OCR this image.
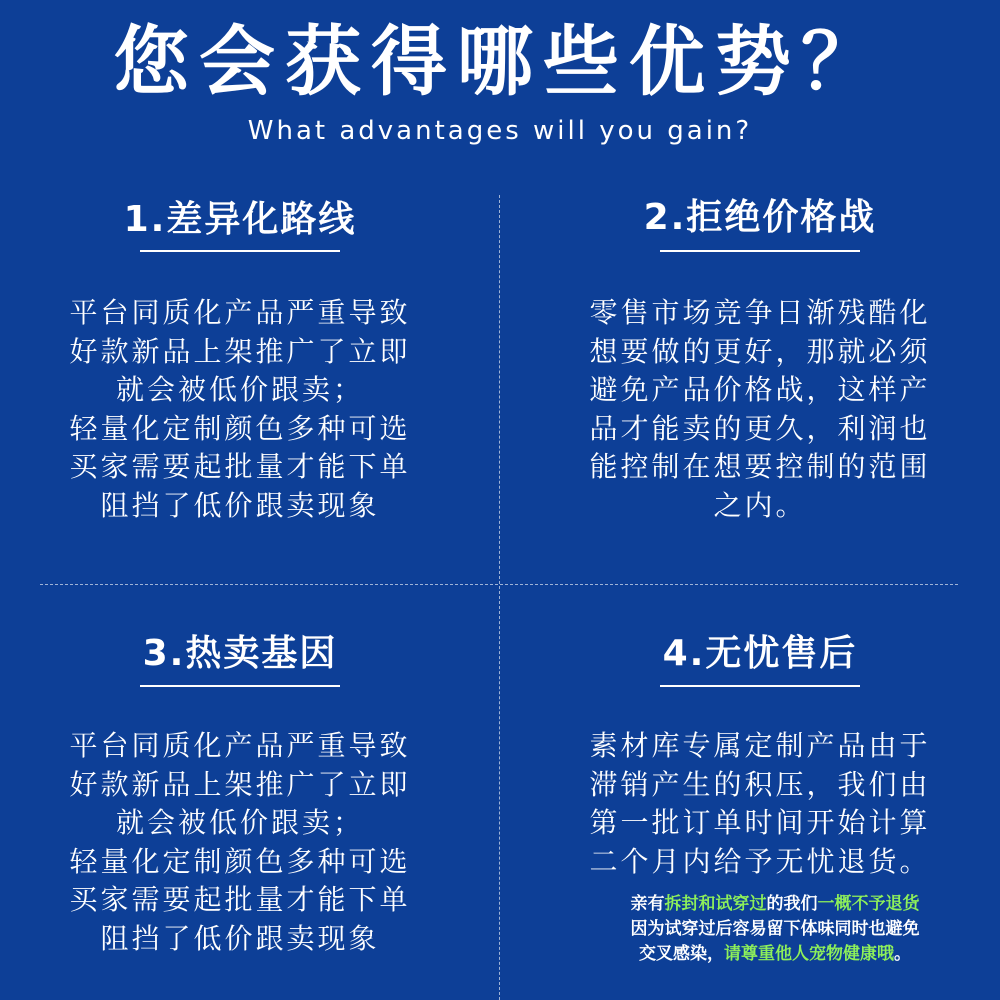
您会获得哪些优势？
What advantages will you gain?
1.差异化路线
平台同质化产品严重导致
好款新品上架推广了立即
就会被低价跟卖；
轻量化定制颜色多种可选
买家需要起批量才能下单
阻挡了低价跟卖现象
2.拒绝价格战
零售市场竞争日渐残酷化
想要做的更好，那就必须
避免产品价格战，这样产
品才能卖的更久，利润也
能控制在想要控制的范围
之内。
3.热卖基因
平台同质化产品严重导致
好款新品上架推广了立即
就会被低价跟卖；
轻量化定制颜色多种可选
买家需要起批量才能下单
阻挡了低价跟卖现象
4.无忧售后
素材库专属定制产品由于
滞销产生的积压，我们由
第一批订单时间开始计算
二个月内给予无忧退货。
亲有拆封和试穿过的我们一概不予退货
因为试穿过后容易留下体味同时也避免
交叉感染，请尊重他人宠物健康哦。
